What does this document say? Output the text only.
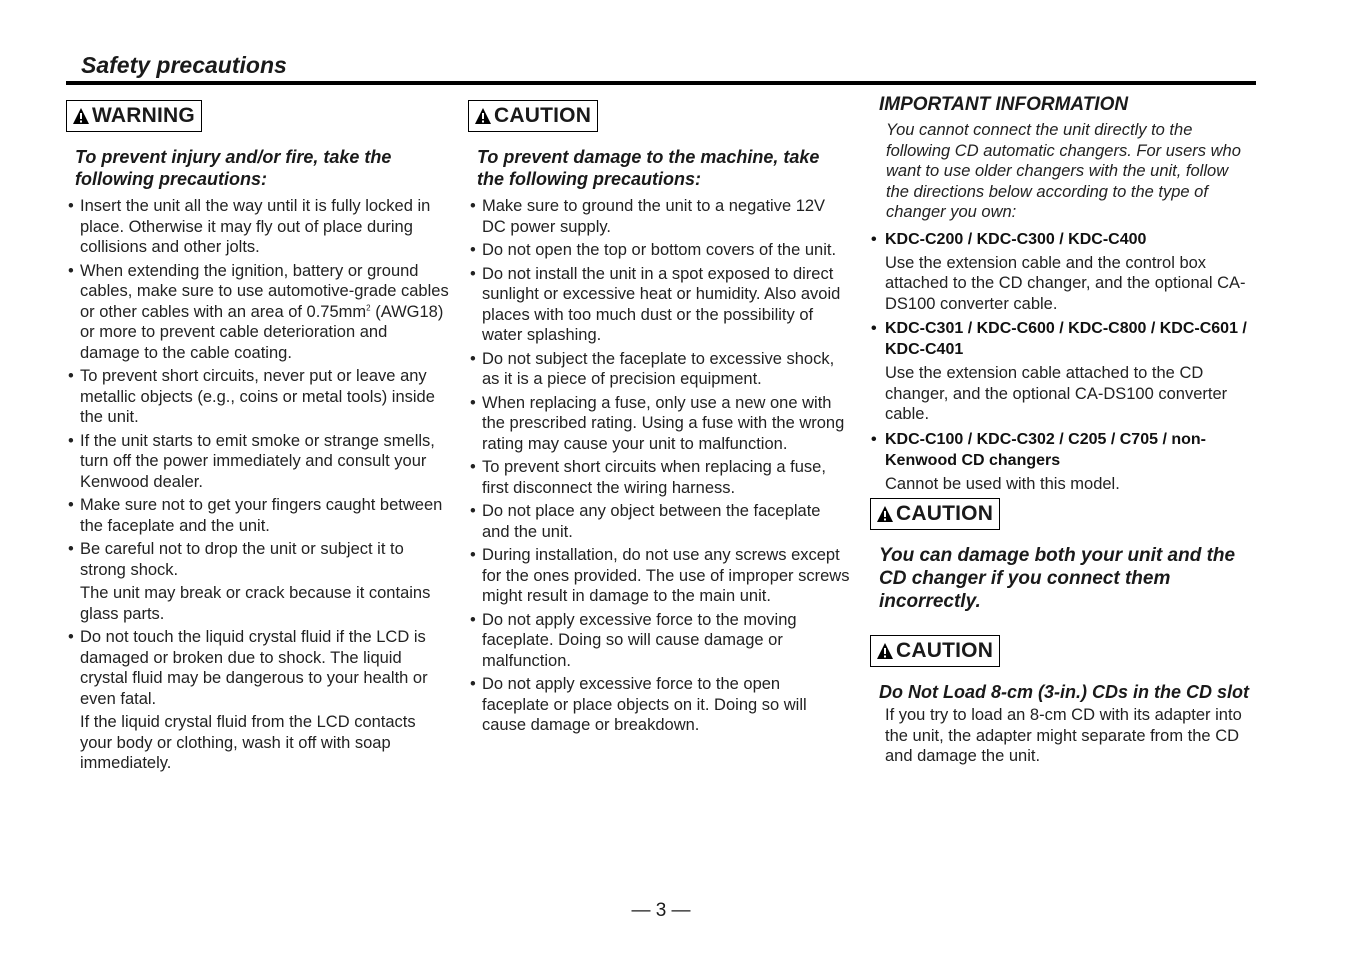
Safety precautions
WARNING

To prevent injury and/or fire, take the following precautions:

• Insert the unit all the way until it is fully locked in place. Otherwise it may fly out of place during collisions and other jolts.
• When extending the ignition, battery or ground cables, make sure to use automotive-grade cables or other cables with an area of $0.75mm^2$ (AWG18) or more to prevent cable deterioration and damage to the cable coating.
• To prevent short circuits, never put or leave any metallic objects (e.g., coins or metal tools) inside the unit.
• If the unit starts to emit smoke or strange smells, turn off the power immediately and consult your Kenwood dealer.
• Make sure not to get your fingers caught between the faceplate and the unit.
• Be careful not to drop the unit or subject it to strong shock.

The unit may break or crack because it contains glass parts.

• Do not touch the liquid crystal fluid if the LCD is damaged or broken due to shock. The liquid crystal fluid may be dangerous to your health or even fatal.

If the liquid crystal fluid from the LCD contacts your body or clothing, wash it off with soap immediately.

CAUTION

To prevent damage to the machine, take the following precautions:

• Make sure to ground the unit to a negative 12V DC power supply.
• Do not open the top or bottom covers of the unit.
• Do not install the unit in a spot exposed to direct sunlight or excessive heat or humidity. Also avoid places with too much dust or the possibility of water splashing.
• Do not subject the faceplate to excessive shock, as it is a piece of precision equipment.
• When replacing a fuse, only use a new one with the prescribed rating. Using a fuse with the wrong rating may cause your unit to malfunction.
• To prevent short circuits when replacing a fuse, first disconnect the wiring harness.
• Do not place any object between the faceplate and the unit.
• During installation, do not use any screws except for the ones provided. The use of improper screws might result in damage to the main unit.
• Do not apply excessive force to the moving faceplate. Doing so will cause damage or malfunction.
• Do not apply excessive force to the open faceplate or place objects on it. Doing so will cause damage or breakdown.

IMPORTANT INFORMATION

You cannot connect the unit directly to the following CD automatic changers. For users who want to use older changers with the unit, follow the directions below according to the type of changer you own:

• KDC-C200 / KDC-C300 / KDC-C400

Use the extension cable and the control box attached to the CD changer, and the optional CA-DS100 converter cable.

• KDC-C301 / KDC-C600 / KDC-C800 / KDC-C601 / KDC-C401

Use the extension cable attached to the CD changer, and the optional CA-DS100 converter cable.

• KDC-C100 / KDC-C302 / C205 / C705 / non-Kenwood CD changers

Cannot be used with this model.

CAUTION

You can damage both your unit and the CD changer if you connect them incorrectly.

CAUTION

Do Not Load 8-cm (3-in.) CDs in the CD slot

If you try to load an 8-cm CD with its adapter into the unit, the adapter might separate from the CD and damage the unit.

— 3 —
